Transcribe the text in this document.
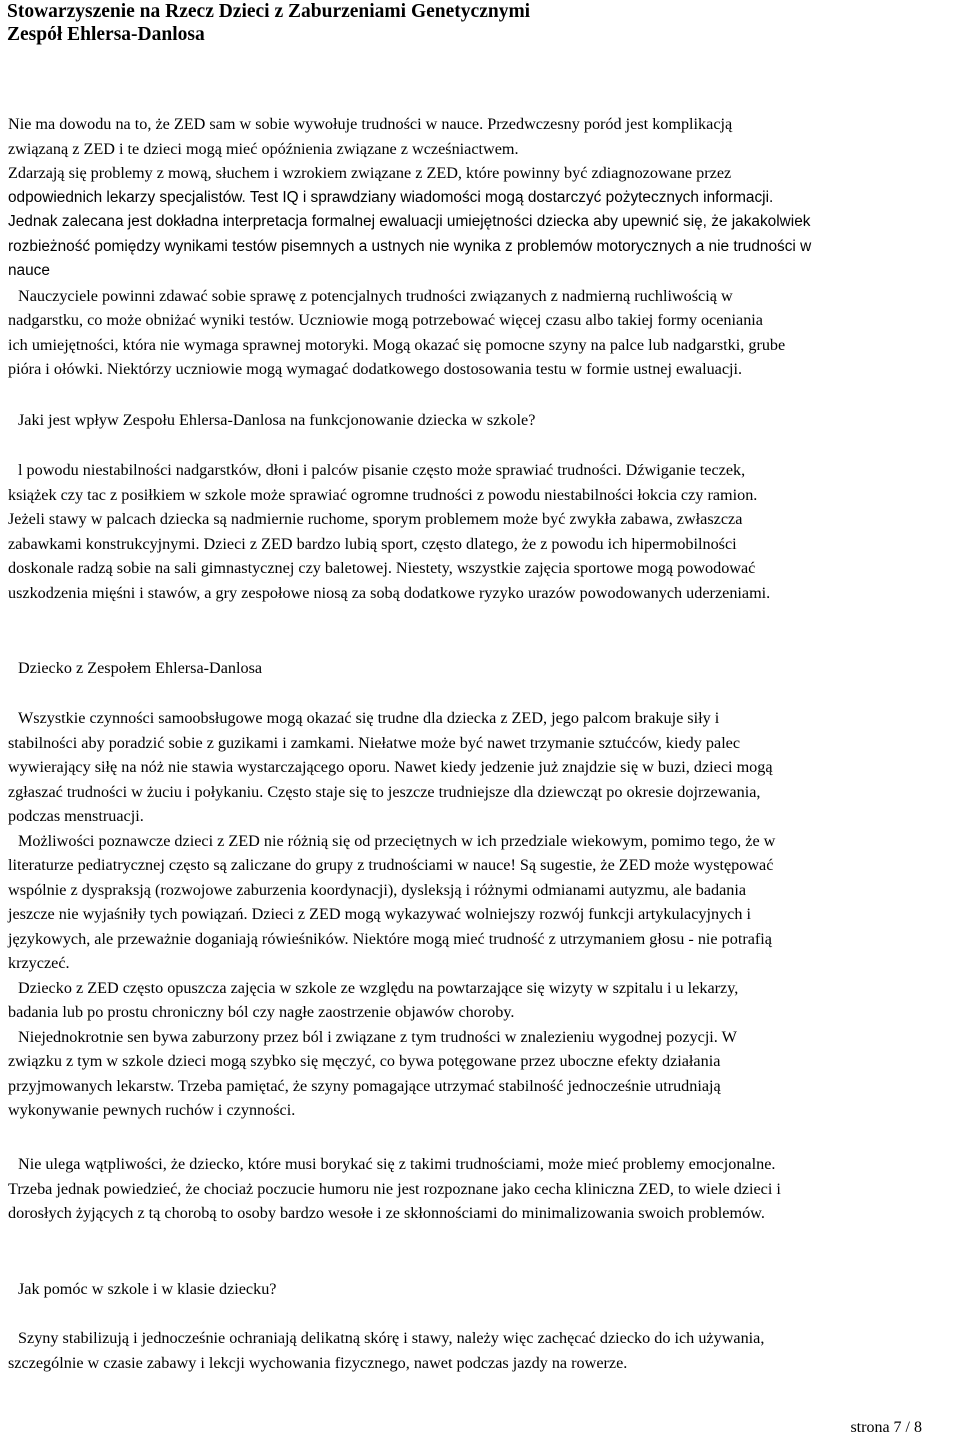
Stowarzyszenie na Rzecz Dzieci z Zaburzeniami Genetycznymi
Zespół Ehlersa-Danlosa
Nie ma dowodu na to, że ZED sam w sobie wywołuje trudności w nauce. Przedwczesny poród jest komplikacją
związaną z ZED i te dzieci mogą mieć opóźnienia związane z wcześniactwem.
Zdarzają się problemy z mową, słuchem i wzrokiem związane z ZED, które powinny być zdiagnozowane przez
odpowiednich lekarzy specjalistów. Test IQ i sprawdziany wiadomości mogą dostarczyć pożytecznych informacji.
Jednak zalecana jest dokładna interpretacja formalnej ewaluacji umiejętności dziecka aby upewnić się, że jakakolwiek
rozbieżność pomiędzy wynikami testów pisemnych a ustnych nie wynika z problemów motorycznych a nie trudności w
nauce
Nauczyciele powinni zdawać sobie sprawę z potencjalnych trudności związanych z nadmierną ruchliwością w
nadgarstku, co może obniżać wyniki testów. Uczniowie mogą potrzebować więcej czasu albo takiej formy oceniania
ich umiejętności, która nie wymaga sprawnej motoryki. Mogą okazać się pomocne szyny na palce lub nadgarstki, grube
pióra i ołówki. Niektórzy uczniowie mogą wymagać dodatkowego dostosowania testu w formie ustnej ewaluacji.
Jaki jest wpływ Zespołu Ehlersa-Danlosa na funkcjonowanie dziecka w szkole?
l powodu niestabilności nadgarstków, dłoni i palców pisanie często może sprawiać trudności. Dźwiganie teczek,
książek czy tac z posiłkiem w szkole może sprawiać ogromne trudności z powodu niestabilności łokcia czy ramion.
Jeżeli stawy w palcach dziecka są nadmiernie ruchome, sporym problemem może być zwykła zabawa, zwłaszcza
zabawkami konstrukcyjnymi. Dzieci z ZED bardzo lubią sport, często dlatego, że z powodu ich hipermobilności
doskonale radzą sobie na sali gimnastycznej czy baletowej. Niestety, wszystkie zajęcia sportowe mogą powodować
uszkodzenia mięśni i stawów, a gry zespołowe niosą za sobą dodatkowe ryzyko urazów powodowanych uderzeniami.
Dziecko z Zespołem Ehlersa-Danlosa
Wszystkie czynności samoobsługowe mogą okazać się trudne dla dziecka z ZED, jego palcom brakuje siły i
stabilności aby poradzić sobie z guzikami i zamkami. Niełatwe może być nawet trzymanie sztućców, kiedy palec
wywierający siłę na nóż nie stawia wystarczającego oporu. Nawet kiedy jedzenie już znajdzie się w buzi, dzieci mogą
zgłaszać trudności w żuciu i połykaniu. Często staje się to jeszcze trudniejsze dla dziewcząt po okresie dojrzewania,
podczas menstruacji.
Możliwości poznawcze dzieci z ZED nie różnią się od przeciętnych w ich przedziale wiekowym, pomimo tego, że w
literaturze pediatrycznej często są zaliczane do grupy z trudnościami w nauce! Są sugestie, że ZED może występować
wspólnie z dyspraksją (rozwojowe zaburzenia koordynacji), dysleksją i różnymi odmianami autyzmu, ale badania
jeszcze nie wyjaśniły tych powiązań. Dzieci z ZED mogą wykazywać wolniejszy rozwój funkcji artykulacyjnych i
językowych, ale przeważnie doganiają rówieśników. Niektóre mogą mieć trudność z utrzymaniem głosu - nie potrafią
krzyczeć.
Dziecko z ZED często opuszcza zajęcia w szkole ze względu na powtarzające się wizyty w szpitalu i u lekarzy,
badania lub po prostu chroniczny ból czy nagłe zaostrzenie objawów choroby.
Niejednokrotnie sen bywa zaburzony przez ból i związane z tym trudności w znalezieniu wygodnej pozycji. W
związku z tym w szkole dzieci mogą szybko się męczyć, co bywa potęgowane przez uboczne efekty działania
przyjmowanych lekarstw. Trzeba pamiętać, że szyny pomagające utrzymać stabilność jednocześnie utrudniają
wykonywanie pewnych ruchów i czynności.
Nie ulega wątpliwości, że dziecko, które musi borykać się z takimi trudnościami, może mieć problemy emocjonalne.
Trzeba jednak powiedzieć, że chociaż poczucie humoru nie jest rozpoznane jako cecha kliniczna ZED, to wiele dzieci i
dorosłych żyjących z tą chorobą to osoby bardzo wesołe i ze skłonnościami do minimalizowania swoich problemów.
Jak pomóc w szkole i w klasie dziecku?
Szyny stabilizują i jednocześnie ochraniają delikatną skórę i stawy, należy więc zachęcać dziecko do ich używania,
szczególnie w czasie zabawy i lekcji wychowania fizycznego, nawet podczas jazdy na rowerze.
strona 7 / 8
